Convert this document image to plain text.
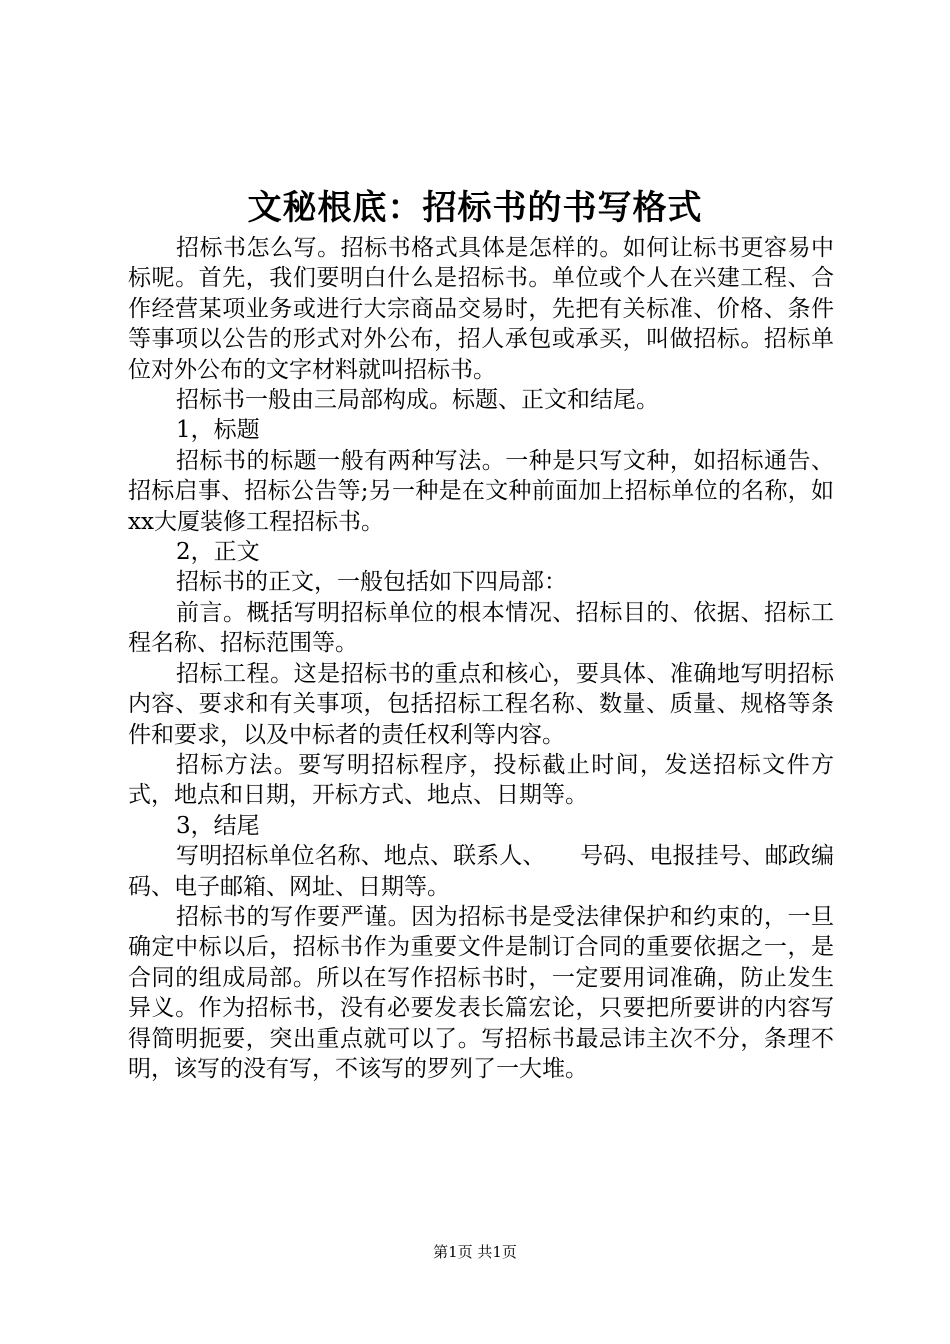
文秘根底：招标书的书写格式

招标书怎么写。招标书格式具体是怎样的。如何让标书更容易中标呢。首先，我们要明白什么是招标书。单位或个人在兴建工程、合作经营某项业务或进行大宗商品交易时，先把有关标准、价格、条件等事项以公告的形式对外公布，招人承包或承买，叫做招标。招标单位对外公布的文字材料就叫招标书。

招标书一般由三局部构成。标题、正文和结尾。

1，标题

招标书的标题一般有两种写法。一种是只写文种，如招标通告、招标启事、招标公告等;另一种是在文种前面加上招标单位的名称，如xx大厦装修工程招标书。

2，正文

招标书的正文，一般包括如下四局部：

前言。概括写明招标单位的根本情况、招标目的、依据、招标工程名称、招标范围等。

招标工程。这是招标书的重点和核心，要具体、准确地写明招标内容、要求和有关事项，包括招标工程名称、数量、质量、规格等条件和要求，以及中标者的责任权利等内容。

招标方法。要写明招标程序，投标截止时间，发送招标文件方式，地点和日期，开标方式、地点、日期等。

3，结尾

写明招标单位名称、地点、联系人、　　号码、电报挂号、邮政编码、电子邮箱、网址、日期等。

招标书的写作要严谨。因为招标书是受法律保护和约束的，一旦确定中标以后，招标书作为重要文件是制订合同的重要依据之一，是合同的组成局部。所以在写作招标书时，一定要用词准确，防止发生异义。作为招标书，没有必要发表长篇宏论，只要把所要讲的内容写得简明扼要，突出重点就可以了。写招标书最忌讳主次不分，条理不明，该写的没有写，不该写的罗列了一大堆。

第1页 共1页
